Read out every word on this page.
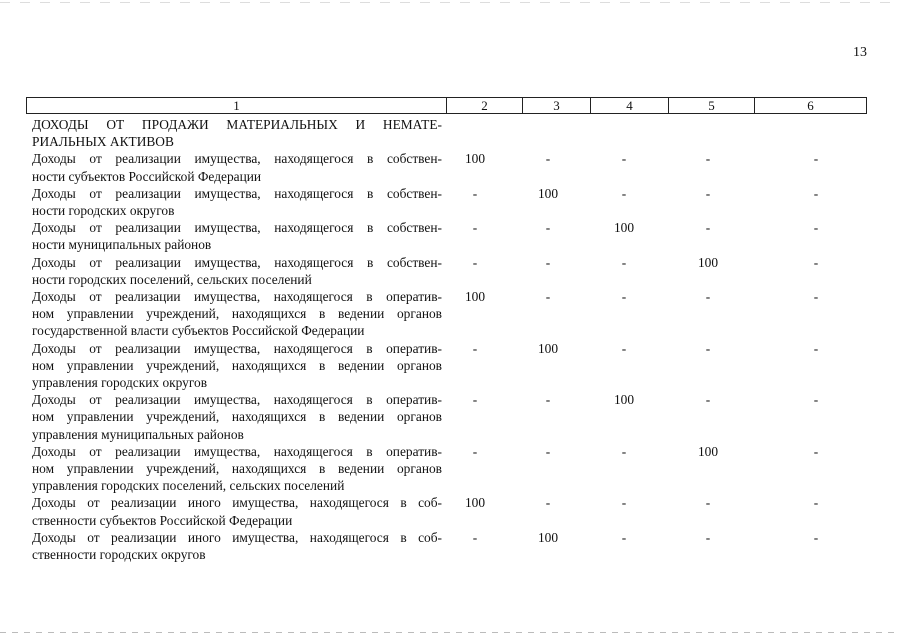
13
1	2	3	4	5	6
ДОХОДЫ ОТ ПРОДАЖИ МАТЕРИАЛЬНЫХ И НЕМАТЕ-
РИАЛЬНЫХ АКТИВОВ
Доходы от реализации имущества, находящегося в собствен-
ности субъектов Российской Федерации
100	-	-	-	-
Доходы от реализации имущества, находящегося в собствен-
ности городских округов
-	100	-	-	-
Доходы от реализации имущества, находящегося в собствен-
ности муниципальных районов
-	-	100	-	-
Доходы от реализации имущества, находящегося в собствен-
ности городских поселений, сельских поселений
-	-	-	100	-
Доходы от реализации имущества, находящегося в оператив-
ном управлении учреждений, находящихся в ведении органов
государственной власти субъектов Российской Федерации
100	-	-	-	-
Доходы от реализации имущества, находящегося в оператив-
ном управлении учреждений, находящихся в ведении органов
управления городских округов
-	100	-	-	-
Доходы от реализации имущества, находящегося в оператив-
ном управлении учреждений, находящихся в ведении органов
управления муниципальных районов
-	-	100	-	-
Доходы от реализации имущества, находящегося в оператив-
ном управлении учреждений, находящихся в ведении органов
управления городских поселений, сельских поселений
-	-	-	100	-
Доходы от реализации иного имущества, находящегося в соб-
ственности субъектов Российской Федерации
100	-	-	-	-
Доходы от реализации иного имущества, находящегося в соб-
ственности городских округов
-	100	-	-	-
